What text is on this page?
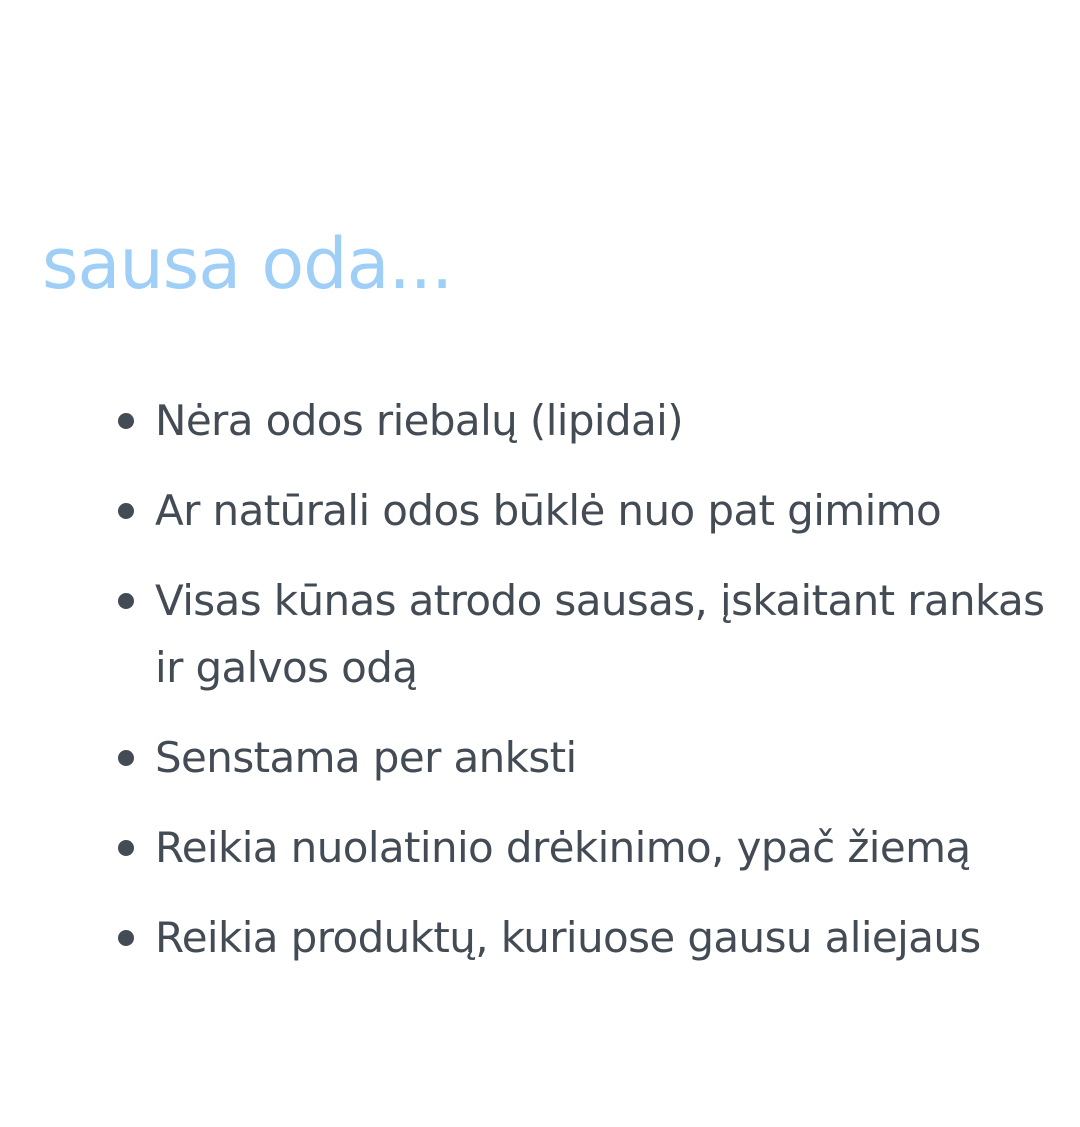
sausa oda...
Nėra odos riebalų (lipidai)
Ar natūrali odos būklė nuo pat gimimo
Visas kūnas atrodo sausas, įskaitant rankas ir galvos odą
Senstama per anksti
Reikia nuolatinio drėkinimo, ypač žiemą
Reikia produktų, kuriuose gausu aliejaus
